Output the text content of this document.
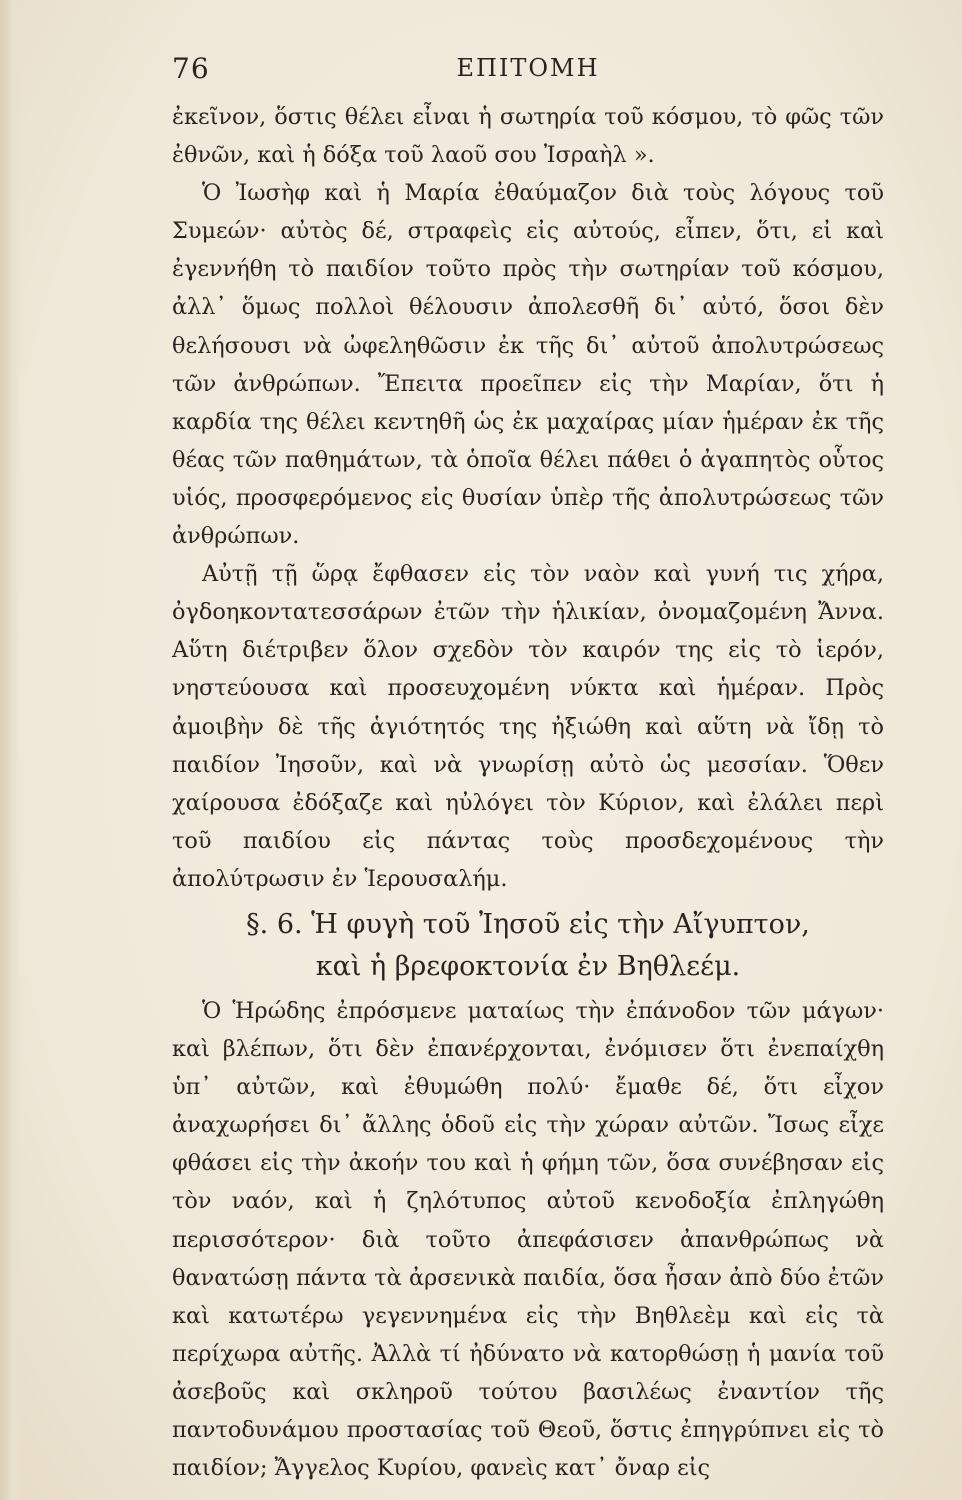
76	ΕΠΙΤΟΜΗ

ἐκεῖνον, ὅστις θέλει εἶναι ἡ σωτηρία τοῦ κόσμου, τὸ φῶς τῶν ἐθνῶν, καὶ ἡ δόξα τοῦ λαοῦ σου Ἰσραὴλ ».

Ὁ Ἰωσὴφ καὶ ἡ Μαρία ἐθαύμαζον διὰ τοὺς λόγους τοῦ Συμεών· αὐτὸς δέ, στραφεὶς εἰς αὐτούς, εἶπεν, ὅτι, εἰ καὶ ἐγεννήθη τὸ παιδίον τοῦτο πρὸς τὴν σωτηρίαν τοῦ κόσμου, ἀλλ᾽ ὅμως πολλοὶ θέλουσιν ἀπολεσθῆ δι᾽ αὐτό, ὅσοι δὲν θελήσουσι νὰ ὠφεληθῶσιν ἐκ τῆς δι᾽ αὐτοῦ ἀπολυτρώσεως τῶν ἀνθρώπων. Ἔπειτα προεῖπεν εἰς τὴν Μαρίαν, ὅτι ἡ καρδία της θέλει κεντηθῆ ὡς ἐκ μαχαίρας μίαν ἡμέραν ἐκ τῆς θέας τῶν παθημάτων, τὰ ὁποῖα θέλει πάθει ὁ ἀγαπητὸς οὗτος υἱός, προσφερόμενος εἰς θυσίαν ὑπὲρ τῆς ἀπολυτρώσεως τῶν ἀνθρώπων.

Αὐτῇ τῇ ὥρᾳ ἔφθασεν εἰς τὸν ναὸν καὶ γυνή τις χήρα, ὀγδοηκοντατεσσάρων ἐτῶν τὴν ἡλικίαν, ὀνομαζομένη Ἄννα. Αὕτη διέτριβεν ὅλον σχεδὸν τὸν καιρόν της εἰς τὸ ἱερόν, νηστεύουσα καὶ προσευχομένη νύκτα καὶ ἡμέραν. Πρὸς ἀμοιβὴν δὲ τῆς ἁγιότητός της ἠξιώθη καὶ αὕτη νὰ ἴδῃ τὸ παιδίον Ἰησοῦν, καὶ νὰ γνωρίσῃ αὐτὸ ὡς μεσσίαν. Ὅθεν χαίρουσα ἐδόξαζε καὶ ηὐλόγει τὸν Κύριον, καὶ ἐλάλει περὶ τοῦ παιδίου εἰς πάντας τοὺς προσδεχομένους τὴν ἀπολύτρωσιν ἐν Ἱερουσαλήμ.

§. 6. Ἡ φυγὴ τοῦ Ἰησοῦ εἰς τὴν Αἴγυπτον,
καὶ ἡ βρεφοκτονία ἐν Βηθλεέμ.

Ὁ Ἡρώδης ἐπρόσμενε ματαίως τὴν ἐπάνοδον τῶν μάγων· καὶ βλέπων, ὅτι δὲν ἐπανέρχονται, ἐνόμισεν ὅτι ἐνεπαίχθη ὑπ᾽ αὐτῶν, καὶ ἐθυμώθη πολύ· ἔμαθε δέ, ὅτι εἶχον ἀναχωρήσει δι᾽ ἄλλης ὁδοῦ εἰς τὴν χώραν αὐτῶν. Ἴσως εἶχε φθάσει εἰς τὴν ἀκοήν του καὶ ἡ φήμη τῶν, ὅσα συνέβησαν εἰς τὸν ναόν, καὶ ἡ ζηλότυπος αὐτοῦ κενοδοξία ἐπληγώθη περισσότερον· διὰ τοῦτο ἀπεφάσισεν ἀπανθρώπως νὰ θανατώσῃ πάντα τὰ ἀρσενικὰ παιδία, ὅσα ἦσαν ἀπὸ δύο ἐτῶν καὶ κατωτέρω γεγεννημένα εἰς τὴν Βηθλεὲμ καὶ εἰς τὰ περίχωρα αὐτῆς. Ἀλλὰ τί ἠδύνατο νὰ κατορθώσῃ ἡ μανία τοῦ ἀσεβοῦς καὶ σκληροῦ τούτου βασιλέως ἐναντίον τῆς παντοδυνάμου προστασίας τοῦ Θεοῦ, ὅστις ἐπηγρύπνει εἰς τὸ παιδίον; Ἄγγελος Κυρίου, φανεὶς κατ᾽ ὄναρ εἰς
